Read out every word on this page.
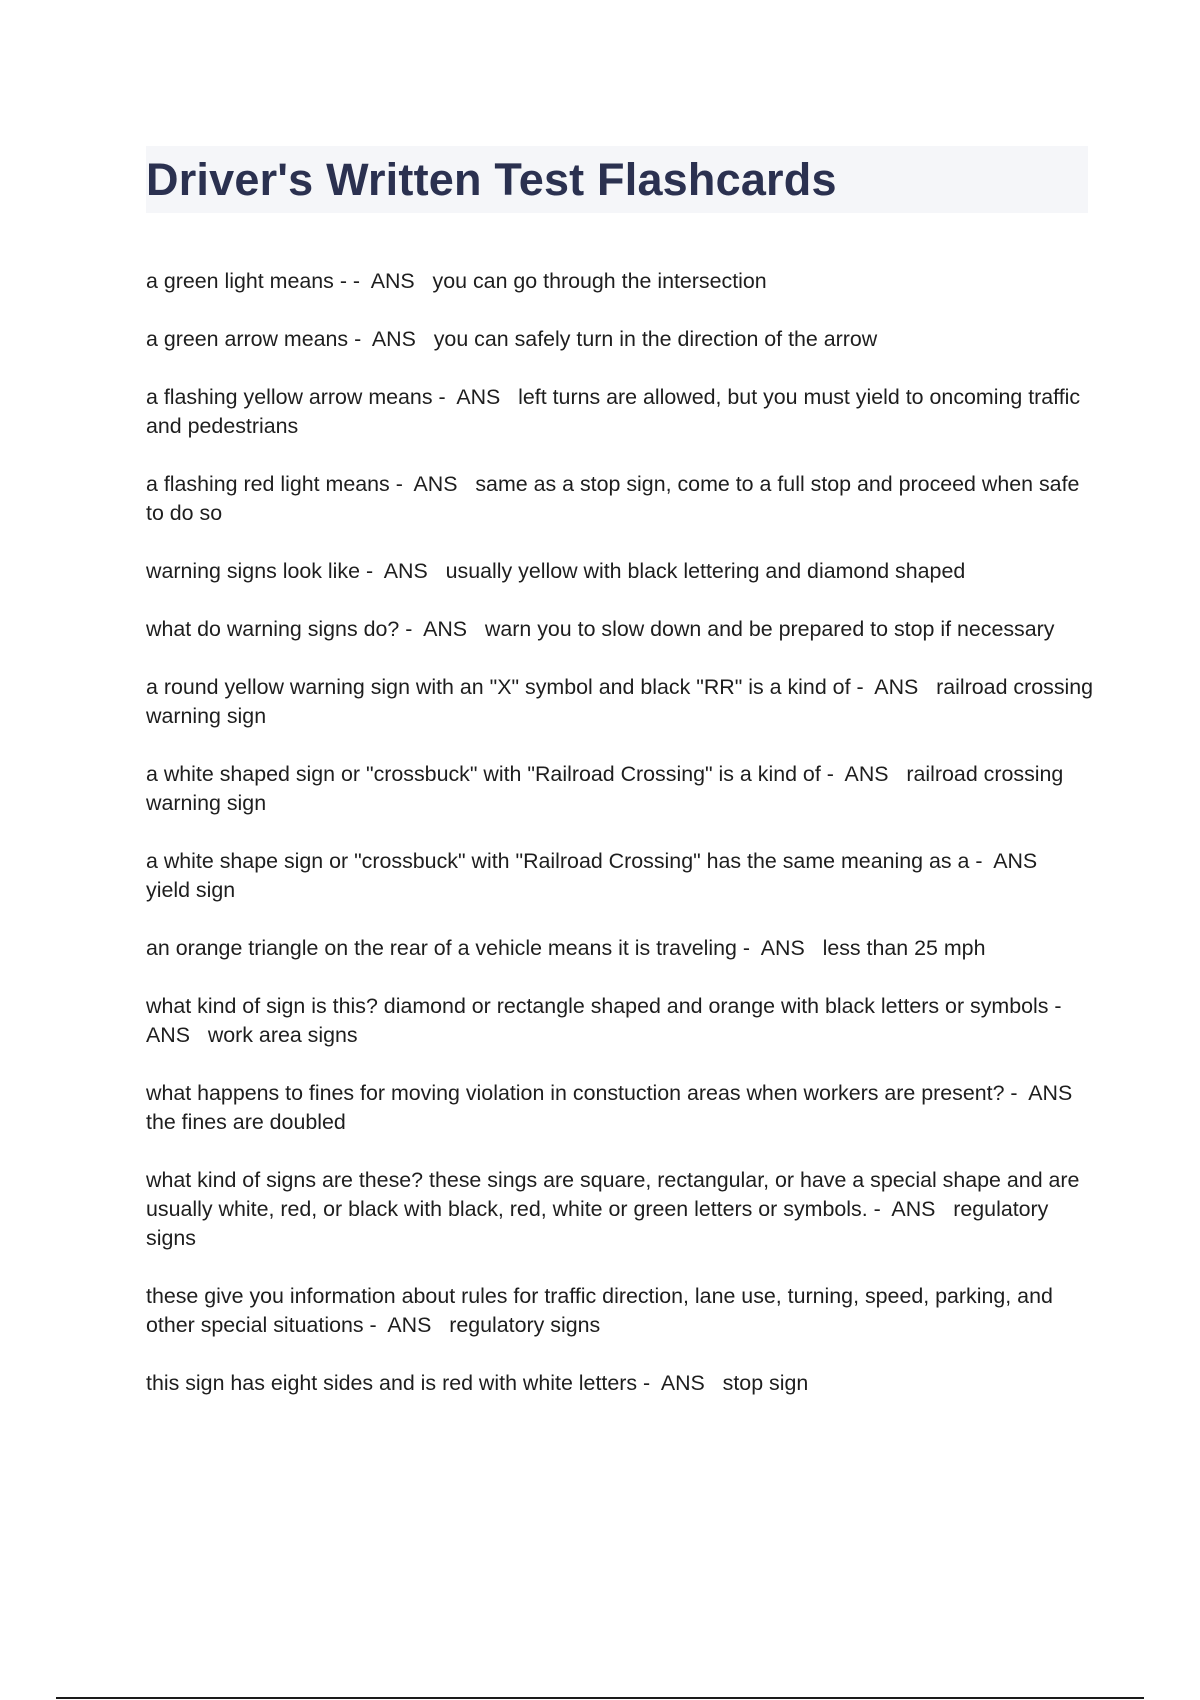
Driver's Written Test Flashcards
a green light means - -  ANS   you can go through the intersection
a green arrow means -  ANS   you can safely turn in the direction of the arrow
a flashing yellow arrow means -  ANS   left turns are allowed, but you must yield to oncoming traffic and pedestrians
a flashing red light means -  ANS   same as a stop sign, come to a full stop and proceed when safe to do so
warning signs look like -  ANS   usually yellow with black lettering and diamond shaped
what do warning signs do? -  ANS   warn you to slow down and be prepared to stop if necessary
a round yellow warning sign with an "X" symbol and black "RR" is a kind of -  ANS   railroad crossing warning sign
a white shaped sign or "crossbuck" with "Railroad Crossing" is a kind of -  ANS   railroad crossing warning sign
a white shape sign or "crossbuck" with "Railroad Crossing" has the same meaning as a -  ANS   yield sign
an orange triangle on the rear of a vehicle means it is traveling -  ANS   less than 25 mph
what kind of sign is this? diamond or rectangle shaped and orange with black letters or symbols -  ANS   work area signs
what happens to fines for moving violation in constuction areas when workers are present? -  ANS   the fines are doubled
what kind of signs are these? these sings are square, rectangular, or have a special shape and are usually white, red, or black with black, red, white or green letters or symbols. -  ANS   regulatory signs
these give you information about rules for traffic direction, lane use, turning, speed, parking, and other special situations -  ANS   regulatory signs
this sign has eight sides and is red with white letters -  ANS   stop sign
